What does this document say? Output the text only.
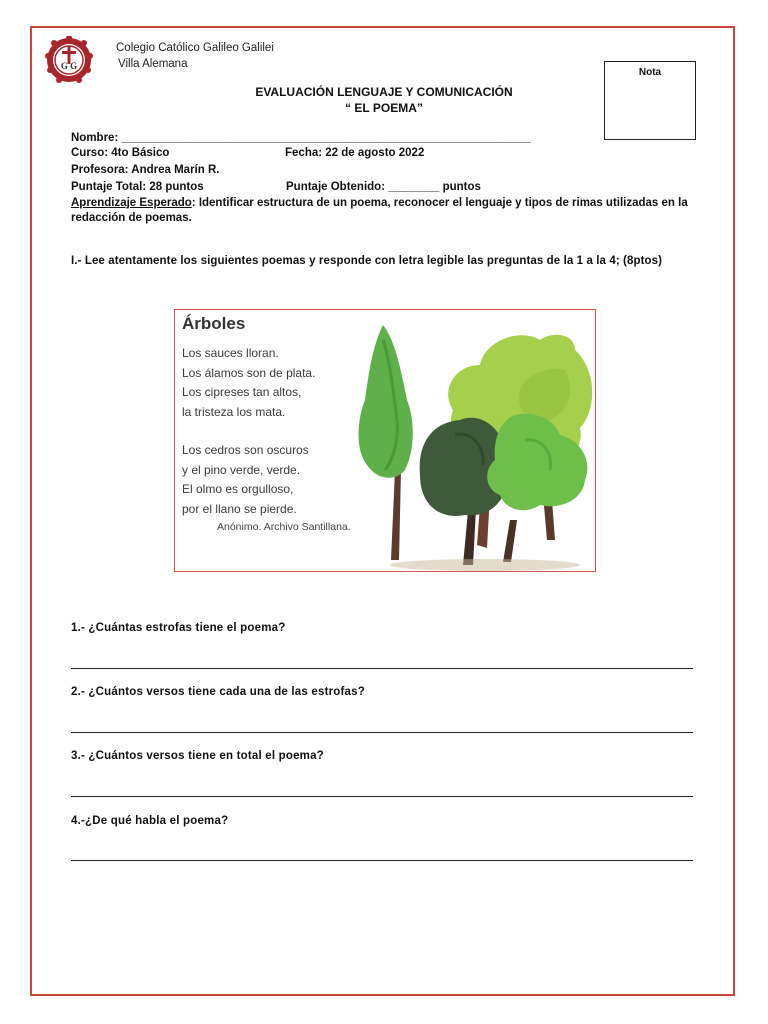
G G
Colegio Católico Galileo Galilei
Villa Alemana
Nota
EVALUACIÓN LENGUAJE Y COMUNICACIÓN
“ EL POEMA”
Nombre: ________________________________________________________________
Curso: 4to Básico	Fecha: 22 de agosto 2022
Profesora: Andrea Marín R.
Puntaje Total: 28 puntos	Puntaje Obtenido: ________ puntos
Aprendizaje Esperado: Identificar estructura de un poema, reconocer el lenguaje y tipos de rimas utilizadas en la redacción de poemas.
I.- Lee atentamente los siguientes poemas y responde con letra legible las preguntas de la 1 a la 4; (8ptos)
Árboles
Los sauces lloran.
Los álamos son de plata.
Los cipreses tan altos,
la tristeza los mata.
Los cedros son oscuros
y el pino verde, verde.
El olmo es orgulloso,
por el llano se pierde.
Anónimo. Archivo Santillana.
1.- ¿Cuántas estrofas tiene el poema?
2.- ¿Cuántos versos tiene cada una de las estrofas?
3.- ¿Cuántos versos tiene en total el poema?
4.-¿De qué habla el poema?
